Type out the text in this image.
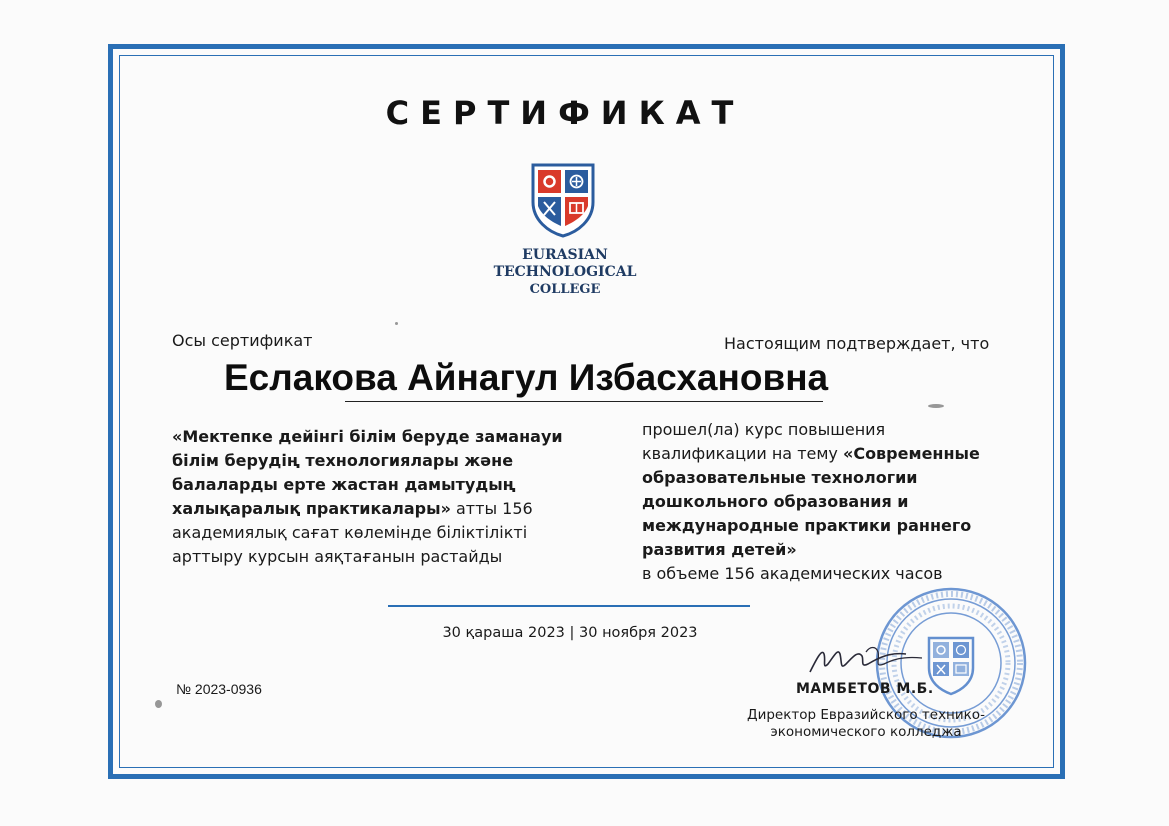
СЕРТИФИКАТ
EURASIAN
TECHNOLOGICAL
COLLEGE
Осы сертификат	Настоящим подтверждает, что
Еслакова Айнагул Избасхановна
«Мектепке дейінгі білім беруде заманауи білім берудің технологиялары және балаларды ерте жастан дамытудың халықаралық практикалары» атты 156 академиялық сағат көлемінде біліктілікті арттыру курсын аяқтағанын растайды
прошел(ла) курс повышения квалификации на тему «Современные образовательные технологии дошкольного образования и международные практики раннего развития детей»
в объеме 156 академических часов
30 қараша 2023 | 30 ноября 2023
№ 2023-0936	МАМБЕТОВ М.Б.
Директор Евразийского технико-экономического колледжа
